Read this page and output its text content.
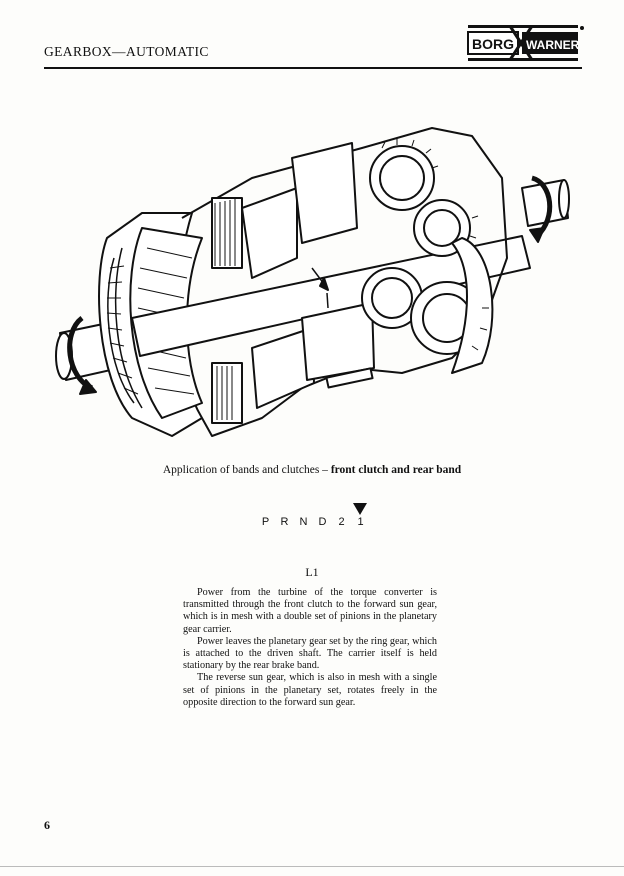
GEARBOX—AUTOMATIC	BORG WARNER
Application of bands and clutches – front clutch and rear band
P	R	N	D	2	1
L1

Power from the turbine of the torque converter is transmitted through the front clutch to the forward sun gear, which is in mesh with a double set of pinions in the planetary gear carrier.

Power leaves the planetary gear set by the ring gear, which is attached to the driven shaft. The carrier itself is held stationary by the rear brake band.

The reverse sun gear, which is also in mesh with a single set of pinions in the planetary set, rotates freely in the opposite direction to the forward sun gear.

6
